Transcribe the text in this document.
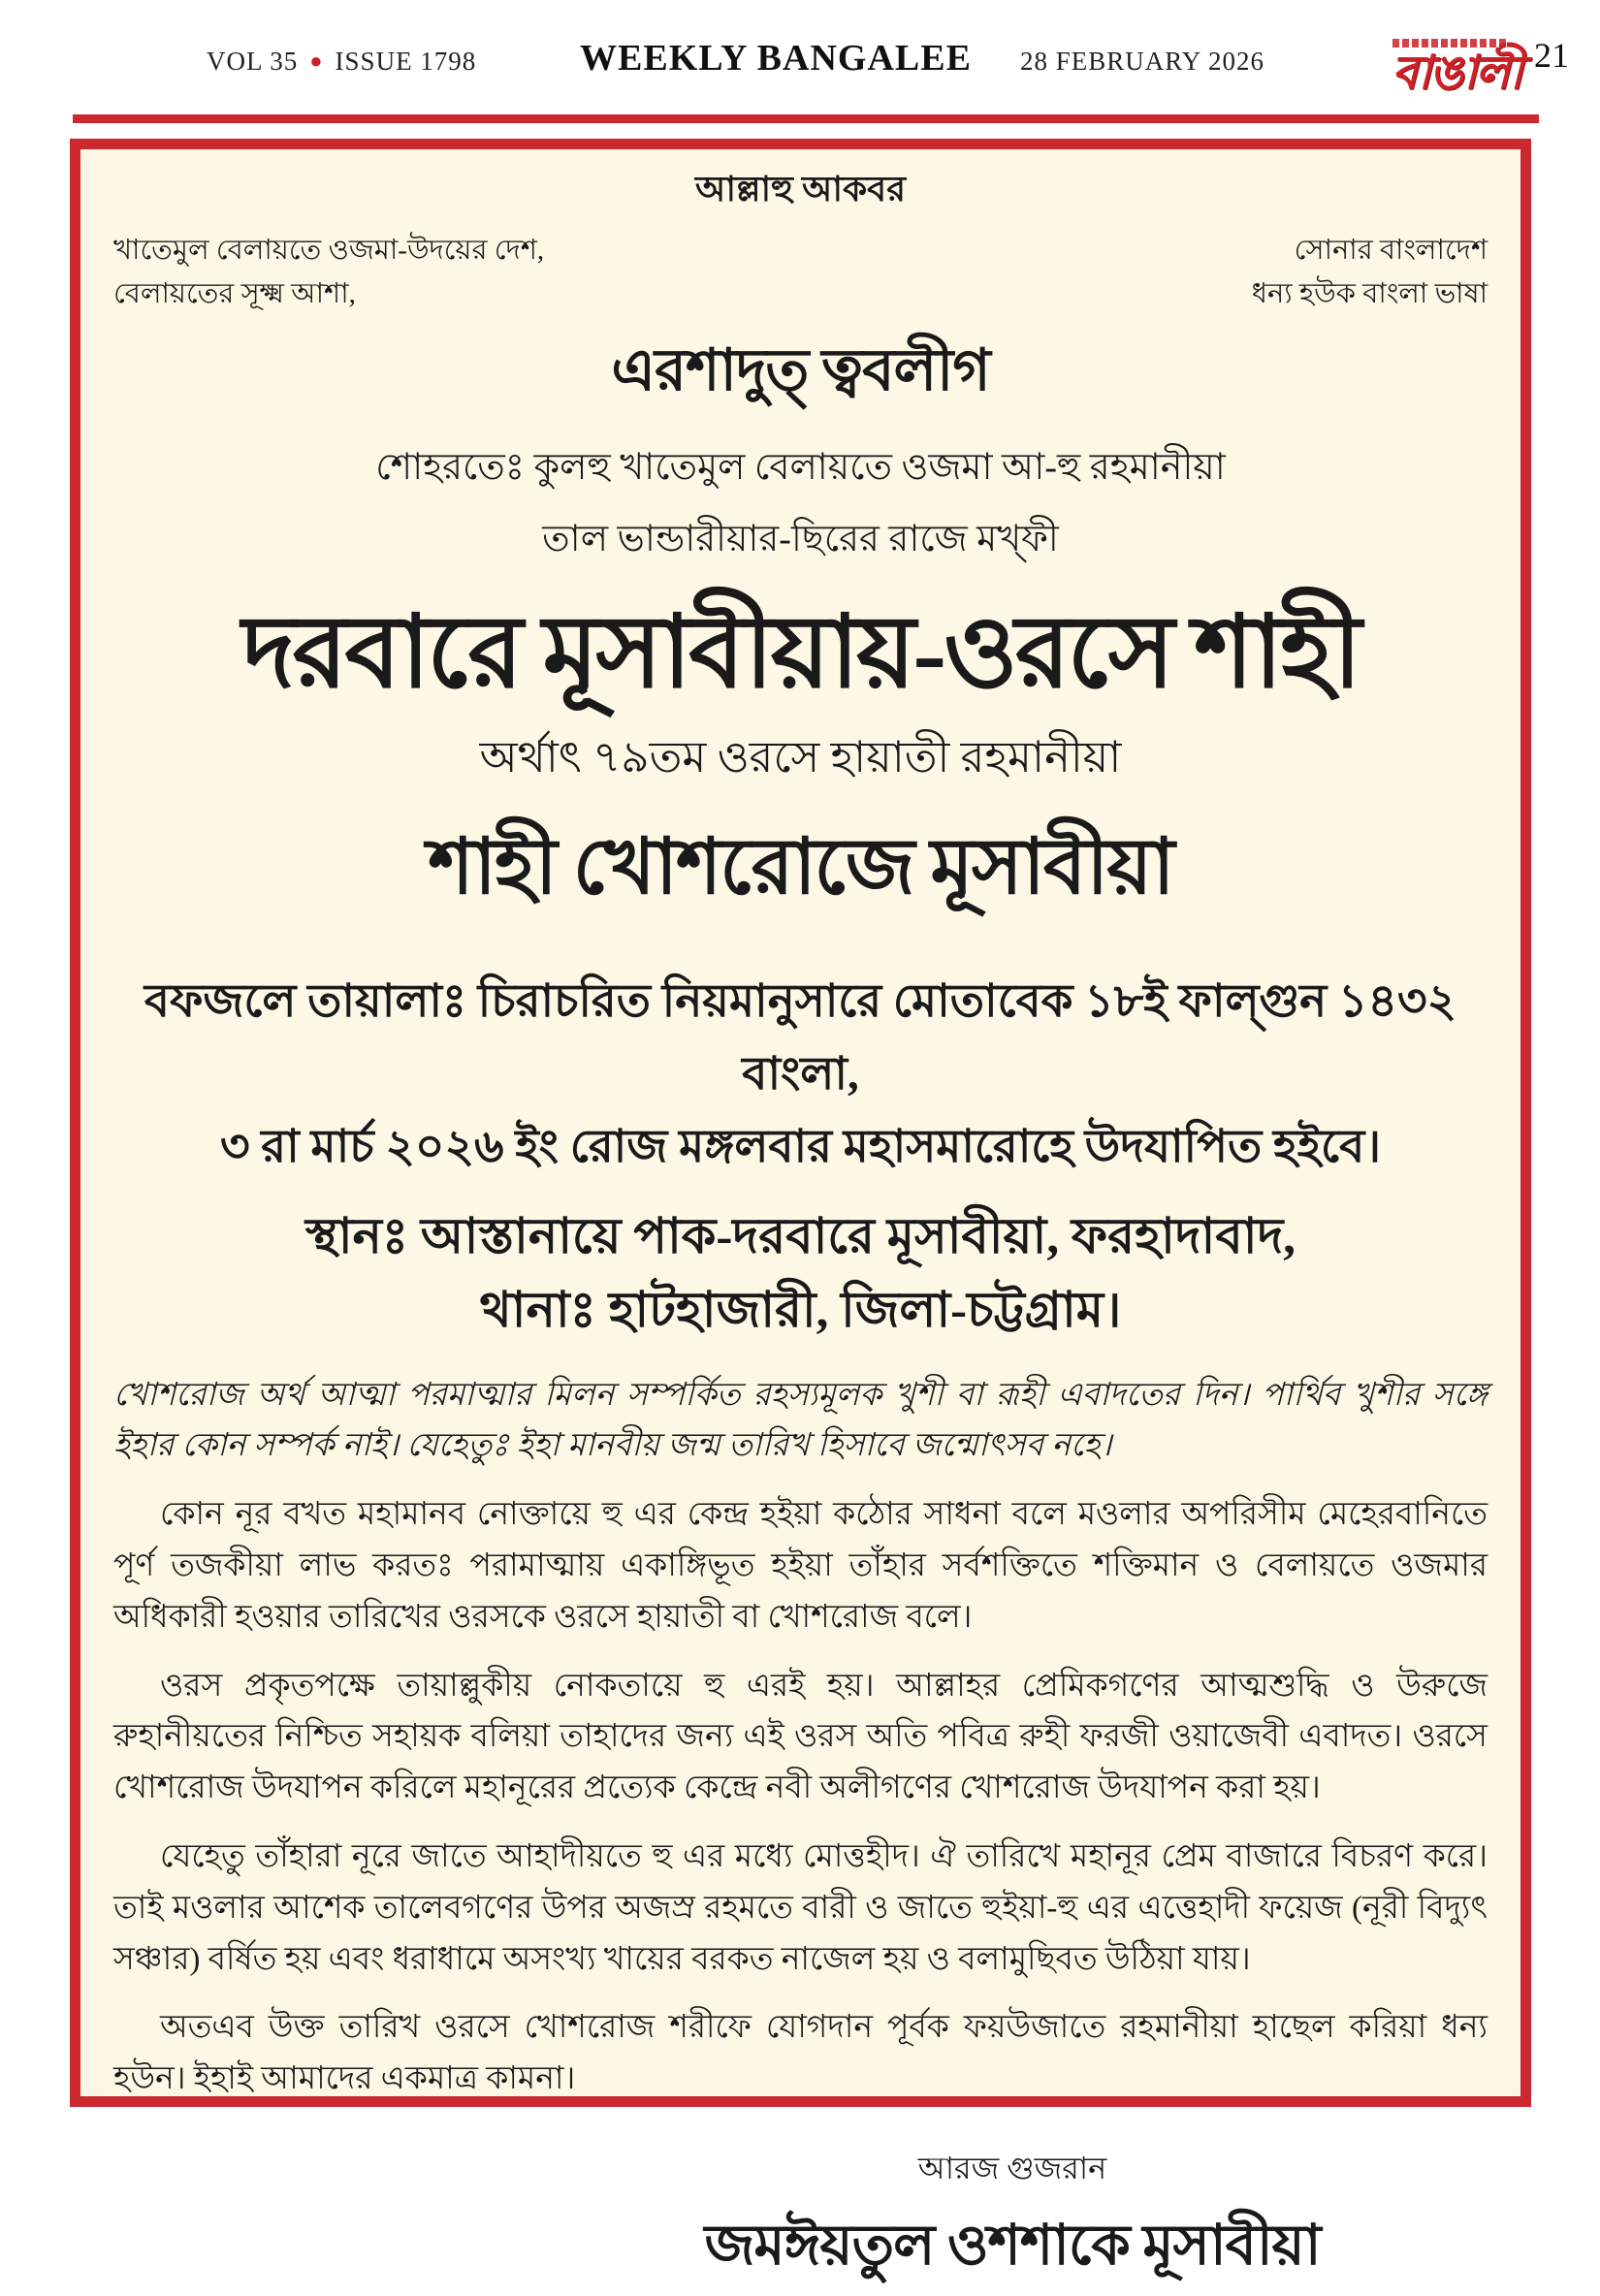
VOL 35 ● ISSUE 1798	WEEKLY BANGALEE 28 FEBRUARY 2026	বাঙালী 21
আল্লাহু আকবর
খাতেমুল বেলায়তে ওজমা-উদয়ের দেশ,
বেলায়তের সূক্ষ্ম আশা,
সোনার বাংলাদেশ
ধন্য হউক বাংলা ভাষা
এরশাদুত্ ত্ববলীগ
শোহরতেঃ কুলহু খাতেমুল বেলায়তে ওজমা আ-হু রহমানীয়া
তাল ভান্ডারীয়ার-ছিরের রাজে মখ্‌ফী
দরবারে মূসাবীয়ায়-ওরসে শাহী
অর্থাৎ ৭৯তম ওরসে হায়াতী রহমানীয়া
শাহী খোশরোজে মূসাবীয়া
বফজলে তায়ালাঃ চিরাচরিত নিয়মানুসারে মোতাবেক ১৮ই ফাল্গুন ১৪৩২ বাংলা,
৩ রা মার্চ ২০২৬ ইং রোজ মঙ্গলবার মহাসমারোহে উদযাপিত হইবে।
স্থানঃ আস্তানায়ে পাক-দরবারে মূসাবীয়া, ফরহাদাবাদ,
থানাঃ হাটহাজারী, জিলা-চট্টগ্রাম।
খোশরোজ অর্থ আত্মা পরমাত্মার মিলন সম্পর্কিত রহস্যমূলক খুশী বা রূহী এবাদতের দিন। পার্থিব খুশীর সঙ্গে ইহার কোন সম্পর্ক নাই। যেহেতুঃ ইহা মানবীয় জন্ম তারিখ হিসাবে জন্মোৎসব নহে।
কোন নূর বখত মহামানব নোক্তায়ে হু এর কেন্দ্র হইয়া কঠোর সাধনা বলে মওলার অপরিসীম মেহেরবানিতে পূর্ণ তজকীয়া লাভ করতঃ পরামাত্মায় একাঙ্গিভূত হইয়া তাঁহার সর্বশক্তিতে শক্তিমান ও বেলায়তে ওজমার অধিকারী হওয়ার তারিখের ওরসকে ওরসে হায়াতী বা খোশরোজ বলে।
ওরস প্রকৃতপক্ষে তায়াল্লুকীয় নোকতায়ে হু এরই হয়। আল্লাহর প্রেমিকগণের আত্মশুদ্ধি ও উরুজে রুহানীয়তের নিশ্চিত সহায়ক বলিয়া তাহাদের জন্য এই ওরস অতি পবিত্র রুহী ফরজী ওয়াজেবী এবাদত। ওরসে খোশরোজ উদযাপন করিলে মহানূরের প্রত্যেক কেন্দ্রে নবী অলীগণের খোশরোজ উদযাপন করা হয়।
যেহেতু তাঁহারা নূরে জাতে আহাদীয়তে হু এর মধ্যে মোত্তহীদ। ঐ তারিখে মহানূর প্রেম বাজারে বিচরণ করে। তাই মওলার আশেক তালেবগণের উপর অজস্র রহমতে বারী ও জাতে হুইয়া-হু এর এত্তেহাদী ফয়েজ (নূরী বিদ্যুৎ সঞ্চার) বর্ষিত হয় এবং ধরাধামে অসংখ্য খায়ের বরকত নাজেল হয় ও বলামুছিবত উঠিয়া যায়।
অতএব উক্ত তারিখ ওরসে খোশরোজ শরীফে যোগদান পূর্বক ফয়উজাতে রহমানীয়া হাছেল করিয়া ধন্য হউন। ইহাই আমাদের একমাত্র কামনা।
আরজ গুজরান
জমঈয়তুল ওশশাকে মূসাবীয়া
